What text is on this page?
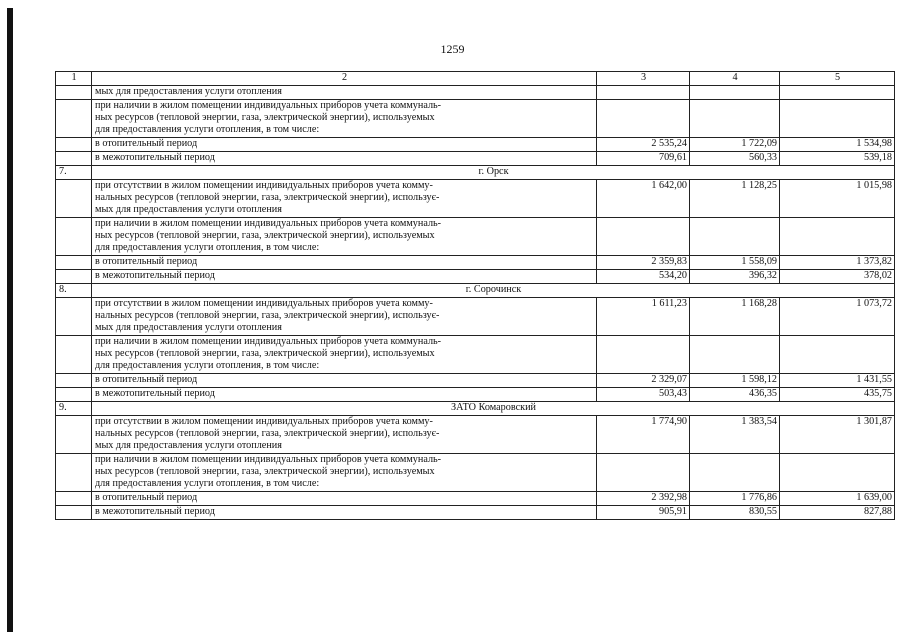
1259
1	2	3	4	5

	мых для предоставления услуги отопления			

	при наличии в жилом помещении индивидуальных приборов учета коммуналь-
ных ресурсов (тепловой энергии, газа, электрической энергии), используемых
для предоставления услуги отопления, в том числе:			

	в отопительный период	2 535,24	1 722,09	1 534,98

	в межотопительный период	709,61	560,33	539,18
7.	г. Орск			

	при отсутствии в жилом помещении индивидуальных приборов учета комму-
нальных ресурсов (тепловой энергии, газа, электрической энергии), использує-
мых для предоставления услуги отопления	1 642,00	1 128,25	1 015,98

	при наличии в жилом помещении индивидуальных приборов учета коммуналь-
ных ресурсов (тепловой энергии, газа, электрической энергии), используемых
для предоставления услуги отопления, в том числе:			

	в отопительный период	2 359,83	1 558,09	1 373,82

	в межотопительный период	534,20	396,32	378,02
8.	г. Сорочинск			

	при отсутствии в жилом помещении индивидуальных приборов учета комму-
нальных ресурсов (тепловой энергии, газа, электрической энергии), использує-
мых для предоставления услуги отопления	1 611,23	1 168,28	1 073,72

	при наличии в жилом помещении индивидуальных приборов учета коммуналь-
ных ресурсов (тепловой энергии, газа, электрической энергии), используемых
для предоставления услуги отопления, в том числе:			

	в отопительный период	2 329,07	1 598,12	1 431,55

	в межотопительный период	503,43	436,35	435,75
9.	ЗАТО Комаровский			

	при отсутствии в жилом помещении индивидуальных приборов учета комму-
нальных ресурсов (тепловой энергии, газа, электрической энергии), использує-
мых для предоставления услуги отопления	1 774,90	1 383,54	1 301,87

	при наличии в жилом помещении индивидуальных приборов учета коммуналь-
ных ресурсов (тепловой энергии, газа, электрической энергии), используемых
для предоставления услуги отопления, в том числе:			

	в отопительный период	2 392,98	1 776,86	1 639,00

	в межотопительный период	905,91	830,55	827,88
